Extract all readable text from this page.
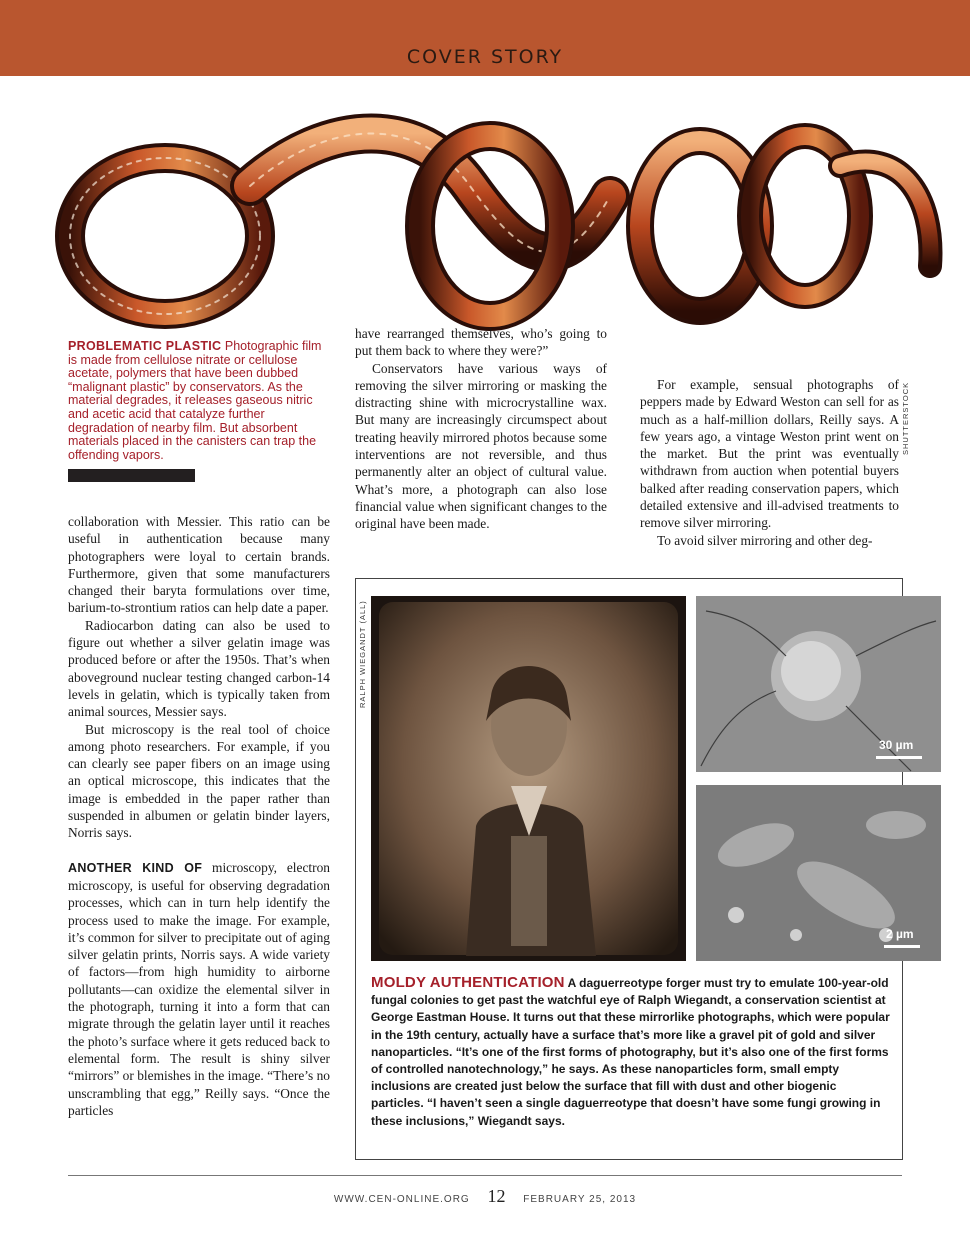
COVER STORY
PROBLEMATIC PLASTIC Photographic film is made from cellulose nitrate or cellulose acetate, polymers that have been dubbed “malignant plastic” by conservators. As the material degrades, it releases gaseous nitric and acetic acid that catalyze further degradation of nearby film. But absorbent materials placed in the canisters can trap the offending vapors.	SHUTTERSTOCK

collaboration with Messier. This ratio can be useful in authentication because many photographers were loyal to certain brands. Furthermore, given that some manufacturers changed their baryta formulations over time, barium-to-strontium ratios can help date a paper.

Radiocarbon dating can also be used to figure out whether a silver gelatin image was produced before or after the 1950s. That’s when aboveground nuclear testing changed carbon-14 levels in gelatin, which is typically taken from animal sources, Messier says.

But microscopy is the real tool of choice among photo researchers. For example, if you can clearly see paper fibers on an image using an optical microscope, this indicates that the image is embedded in the paper rather than suspended in albumen or gelatin binder layers, Norris says.

ANOTHER KIND OF microscopy, electron microscopy, is useful for observing degradation processes, which can in turn help identify the process used to make the image. For example, it’s common for silver to precipitate out of aging silver gelatin prints, Norris says. A wide variety of factors—from high humidity to airborne pollutants—can oxidize the elemental silver in the photograph, turning it into a form that can migrate through the gelatin layer until it reaches the photo’s surface where it gets reduced back to elemental form. The result is shiny silver “mirrors” or blemishes in the image. “There’s no unscrambling that egg,” Reilly says. “Once the particles

have rearranged themselves, who’s going to put them back to where they were?”

Conservators have various ways of removing the silver mirroring or masking the distracting shine with microcrystalline wax. But many are increasingly circumspect about treating heavily mirrored photos because some interventions are not reversible, and thus permanently alter an object of cultural value. What’s more, a photograph can also lose financial value when significant changes to the original have been made.

For example, sensual photographs of peppers made by Edward Weston can sell for as much as a half-million dollars, Reilly says. A few years ago, a vintage Weston print went on the market. But the print was eventually withdrawn from auction when potential buyers balked after reading conservation papers, which detailed extensive and ill-advised treatments to remove silver mirroring.

To avoid silver mirroring and other deg-

RALPH WIEGANDT (ALL)
30 µm
2 µm
MOLDY AUTHENTICATION A daguerreotype forger must try to emulate 100-year-old fungal colonies to get past the watchful eye of Ralph Wiegandt, a conservation scientist at George Eastman House. It turns out that these mirrorlike photographs, which were popular in the 19th century, actually have a surface that’s more like a gravel pit of gold and silver nanoparticles. “It’s one of the first forms of photography, but it’s also one of the first forms of controlled nanotechnology,” he says. As these nanoparticles form, small empty inclusions are created just below the surface that fill with dust and other biogenic particles. “I haven’t seen a single daguerreotype that doesn’t have some fungi growing in these inclusions,” Wiegandt says.
WWW.CEN-ONLINE.ORG 12 FEBRUARY 25, 2013
